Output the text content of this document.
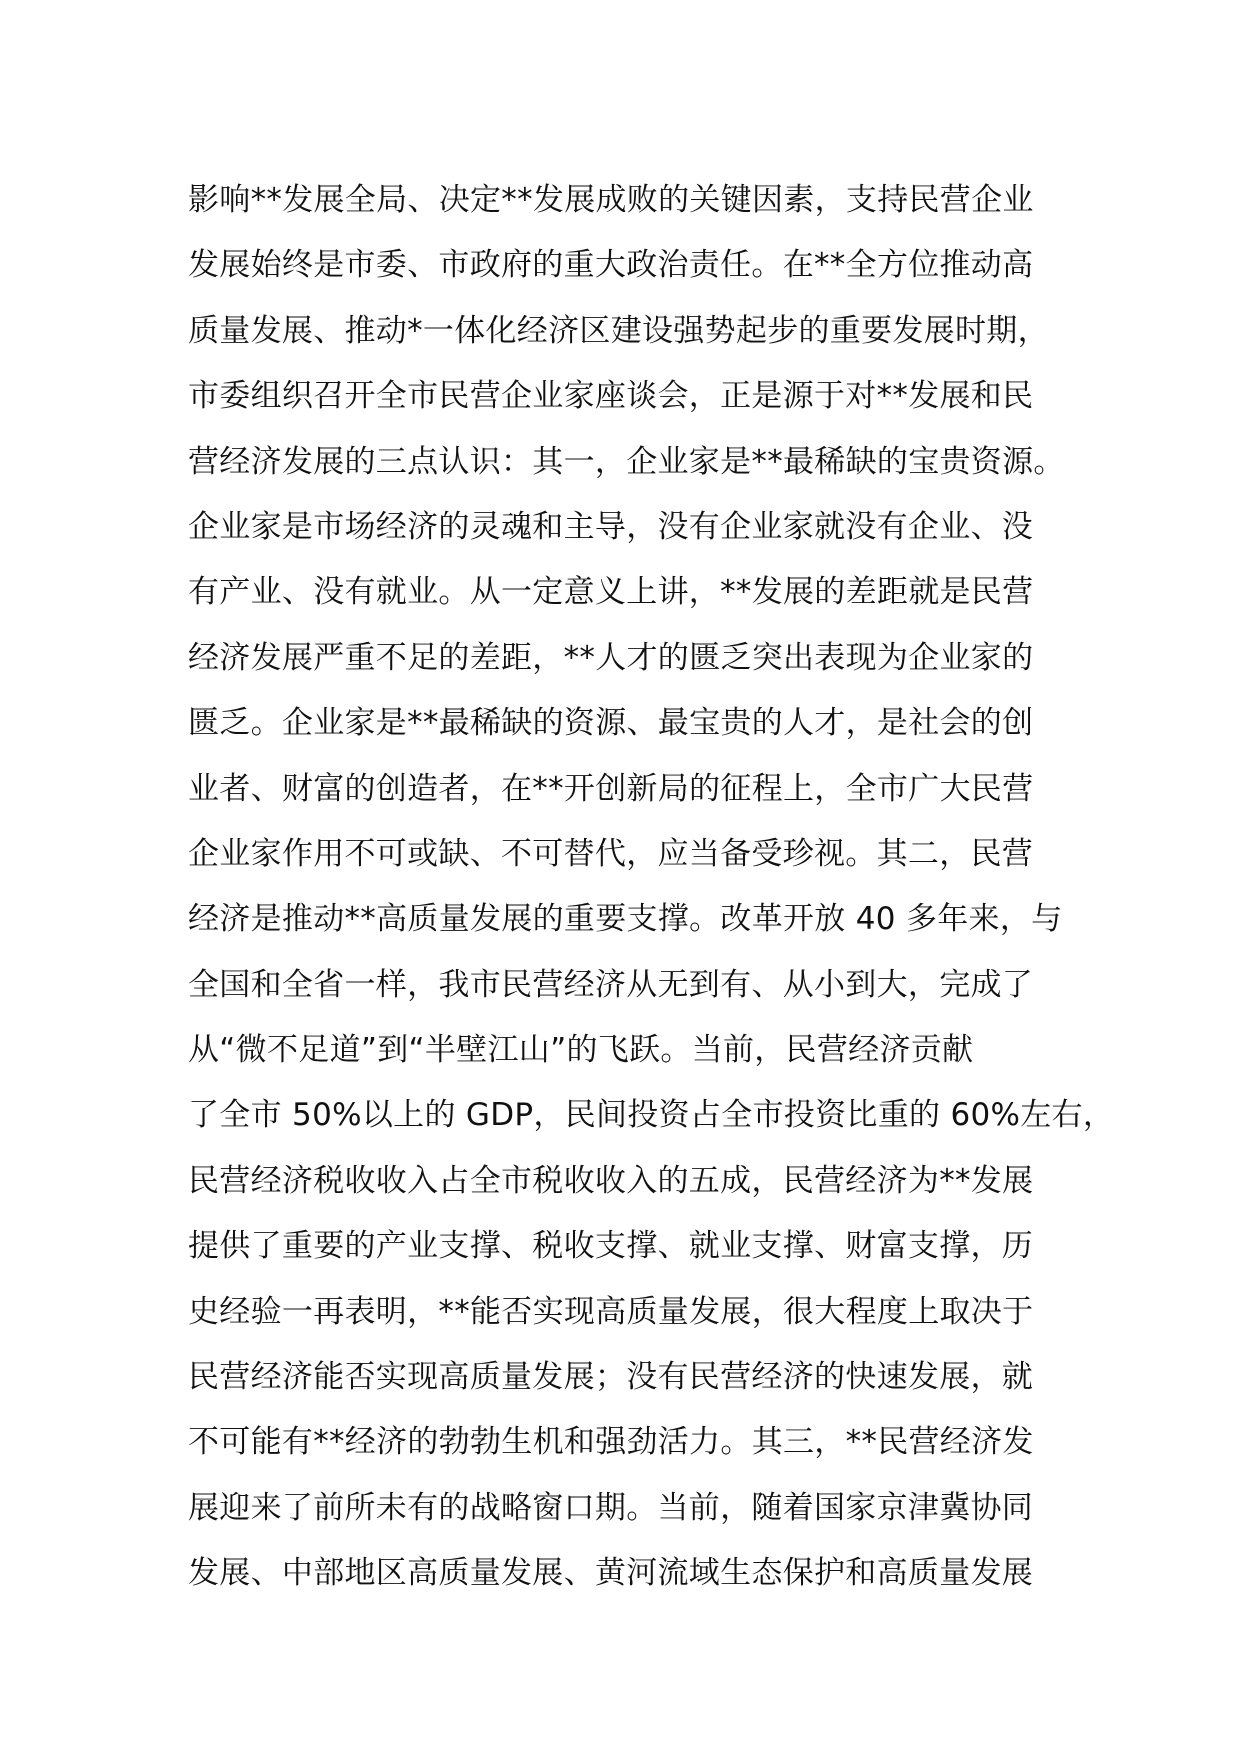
影响**发展全局、决定**发展成败的关键因素，支持民营企业
发展始终是市委、市政府的重大政治责任。在**全方位推动高
质量发展、推动*一体化经济区建设强势起步的重要发展时期，
市委组织召开全市民营企业家座谈会，正是源于对**发展和民
营经济发展的三点认识：其一，企业家是**最稀缺的宝贵资源。
企业家是市场经济的灵魂和主导，没有企业家就没有企业、没
有产业、没有就业。从一定意义上讲，**发展的差距就是民营
经济发展严重不足的差距，**人才的匮乏突出表现为企业家的
匮乏。企业家是**最稀缺的资源、最宝贵的人才，是社会的创
业者、财富的创造者，在**开创新局的征程上，全市广大民营
企业家作用不可或缺、不可替代，应当备受珍视。其二，民营
经济是推动**高质量发展的重要支撑。改革开放 40 多年来，与
全国和全省一样，我市民营经济从无到有、从小到大，完成了
从“微不足道”到“半壁江山”的飞跃。当前，民营经济贡献
了全市 50%以上的 GDP，民间投资占全市投资比重的 60%左右，
民营经济税收收入占全市税收收入的五成，民营经济为**发展
提供了重要的产业支撑、税收支撑、就业支撑、财富支撑，历
史经验一再表明，**能否实现高质量发展，很大程度上取决于
民营经济能否实现高质量发展；没有民营经济的快速发展，就
不可能有**经济的勃勃生机和强劲活力。其三，**民营经济发
展迎来了前所未有的战略窗口期。当前，随着国家京津冀协同
发展、中部地区高质量发展、黄河流域生态保护和高质量发展
